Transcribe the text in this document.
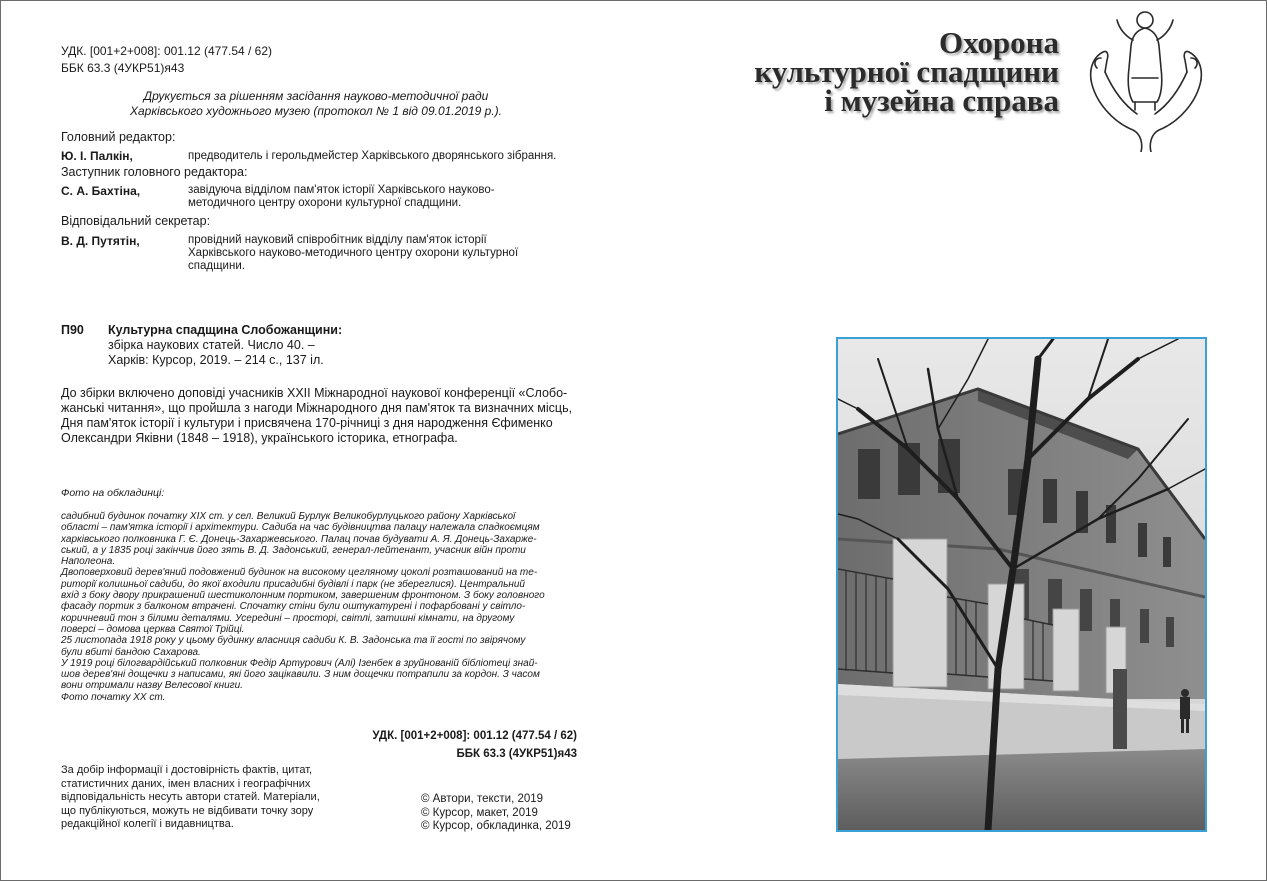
УДК. [001+2+008]: 001.12 (477.54 / 62)
ББК 63.3 (4УКР51)я43
Друкується за рішенням засідання науково-методичної ради
Харківського художнього музею (протокол № 1 від 09.01.2019 р.).
Головний редактор:
Ю. І. Палкін,	предводитель і герольдмейстер Харківського дворянського зібрання.
Заступник головного редактора:
С. А. Бахтіна,	завідуюча відділом пам'яток історії Харківського науково-
методичного центру охорони культурної спадщини.
Відповідальний секретар:
В. Д. Путятін,	провідний науковий співробітник відділу пам'яток історії
Харківського науково-методичного центру охорони культурної
спадщини.
П90 Культурна спадщина Слобожанщини:
збірка наукових статей. Число 40. –
Харків: Курсор, 2019. – 214 с., 137 іл.
До збірки включено доповіді учасників XXII Міжнародної наукової конференції «Слобо-
жанські читання», що пройшла з нагоди Міжнародного дня пам'яток та визначних місць,
Дня пам'яток історії і культури і присвячена 170-річниці з дня народження Єфименко
Олександри Яківни (1848 – 1918), українського історика, етнографа.
Фото на обкладинці:
садибний будинок початку ХІХ ст. у сел. Великий Бурлук Великобурлуцького району Харківської
області – пам'ятка історії і архітектури. Садиба на час будівництва палацу належала спадкоємцям
харківського полковника Г. Є. Донець-Захаржевського. Палац почав будувати А. Я. Донець-Захарже-
ський, а у 1835 році закінчив його зять В. Д. Задонський, генерал-лейтенант, учасник війн проти
Наполеона.
Двоповерховий дерев'яний подовжений будинок на високому цегляному цоколі розташований на те-
риторії колишньої садиби, до якої входили присадибні будівлі і парк (не збереглися). Центральний
вхід з боку двору прикрашений шестиколонним портиком, завершеним фронтоном. З боку головного
фасаду портик з балконом втрачені. Спочатку стіни були оштукатурені і пофарбовані у світло-
коричневий тон з білими деталями. Усередині – просторі, світлі, затишні кімнати, на другому
поверсі – домова церква Святої Трійці.
25 листопада 1918 року у цьому будинку власниця садиби К. В. Задонська та її гості по звірячому
були вбиті бандою Сахарова.
У 1919 році білогвардійський полковник Федір Артурович (Алі) Ізенбек в зруйнованій бібліотеці знай-
шов дерев'яні дощечки з написами, які його зацікавили. З ним дощечки потрапили за кордон. З часом
вони отримали назву Велесової книги.
Фото початку ХХ ст.
УДК. [001+2+008]: 001.12 (477.54 / 62)
ББК 63.3 (4УКР51)я43
За добір інформації і достовірність фактів, цитат,
статистичних даних, імен власних і географічних
відповідальність несуть автори статей. Матеріали,
що публікуються, можуть не відбивати точку зору
редакційної колегії і видавництва.
© Автори, тексти, 2019
© Курсор, макет, 2019
© Курсор, обкладинка, 2019
Охорона
культурної спадщини
і музейна справа
